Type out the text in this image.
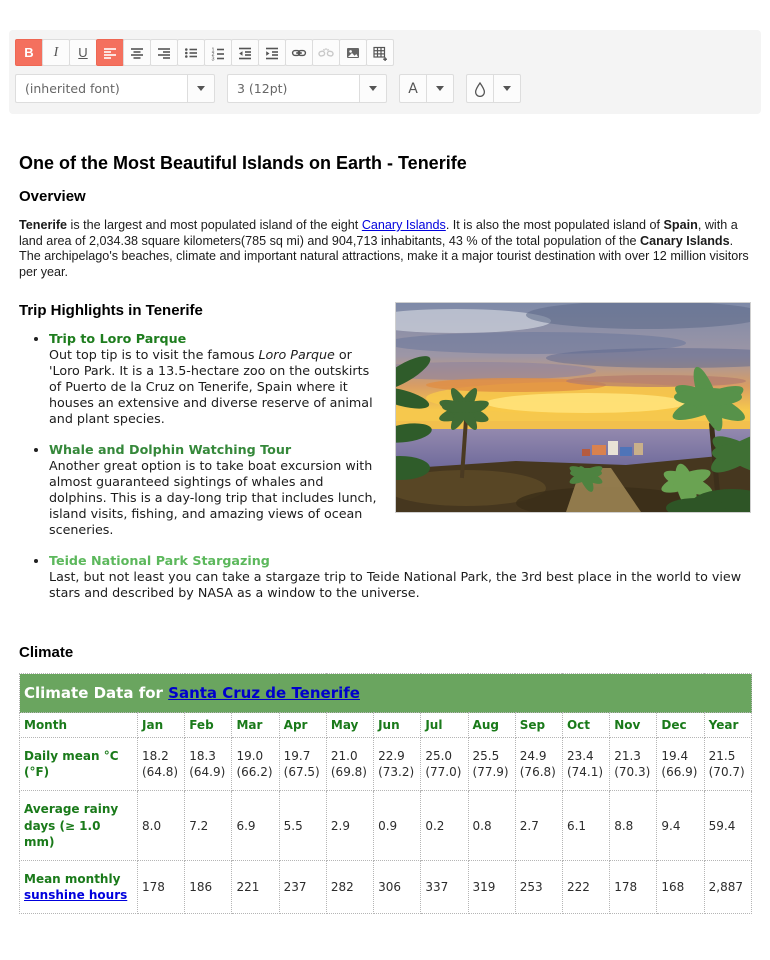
B I U	1
2
3
(inherited font)	3 (12pt)	A
One of the Most Beautiful Islands on Earth - Tenerife
Overview

Tenerife is the largest and most populated island of the eight Canary Islands. It is also the most populated island of Spain, with a land area of 2,034.38 square kilometers(785 sq mi) and 904,713 inhabitants, 43 % of the total population of the Canary Islands. The archipelago's beaches, climate and important natural attractions, make it a major tourist destination with over 12 million visitors per year.

Trip Highlights in Tenerife
• Trip to Loro Parque
Out top tip is to visit the famous Loro Parque or 'Loro Park. It is a 13.5-hectare zoo on the outskirts of Puerto de la Cruz on Tenerife, Spain where it houses an extensive and diverse reserve of animal and plant species.
• Whale and Dolphin Watching Tour
Another great option is to take boat excursion with almost guaranteed sightings of whales and dolphins. This is a day-long trip that includes lunch, island visits, fishing, and amazing views of ocean sceneries.
• Teide National Park Stargazing
Last, but not least you can take a stargaze trip to Teide National Park, the 3rd best place in the world to view stars and described by NASA as a window to the universe.
Climate
Climate Data for Santa Cruz de Tenerife													
Month	Jan	Feb	Mar	Apr	May	Jun	Jul	Aug	Sep	Oct	Nov	Dec	Year
Daily mean °C (°F)	18.2 (64.8)	18.3 (64.9)	19.0 (66.2)	19.7 (67.5)	21.0 (69.8)	22.9 (73.2)	25.0 (77.0)	25.5 (77.9)	24.9 (76.8)	23.4 (74.1)	21.3 (70.3)	19.4 (66.9)	21.5 (70.7)
Average rainy days (≥ 1.0 mm)	8.0	7.2	6.9	5.5	2.9	0.9	0.2	0.8	2.7	6.1	8.8	9.4	59.4
Mean monthly sunshine hours	178	186	221	237	282	306	337	319	253	222	178	168	2,887
